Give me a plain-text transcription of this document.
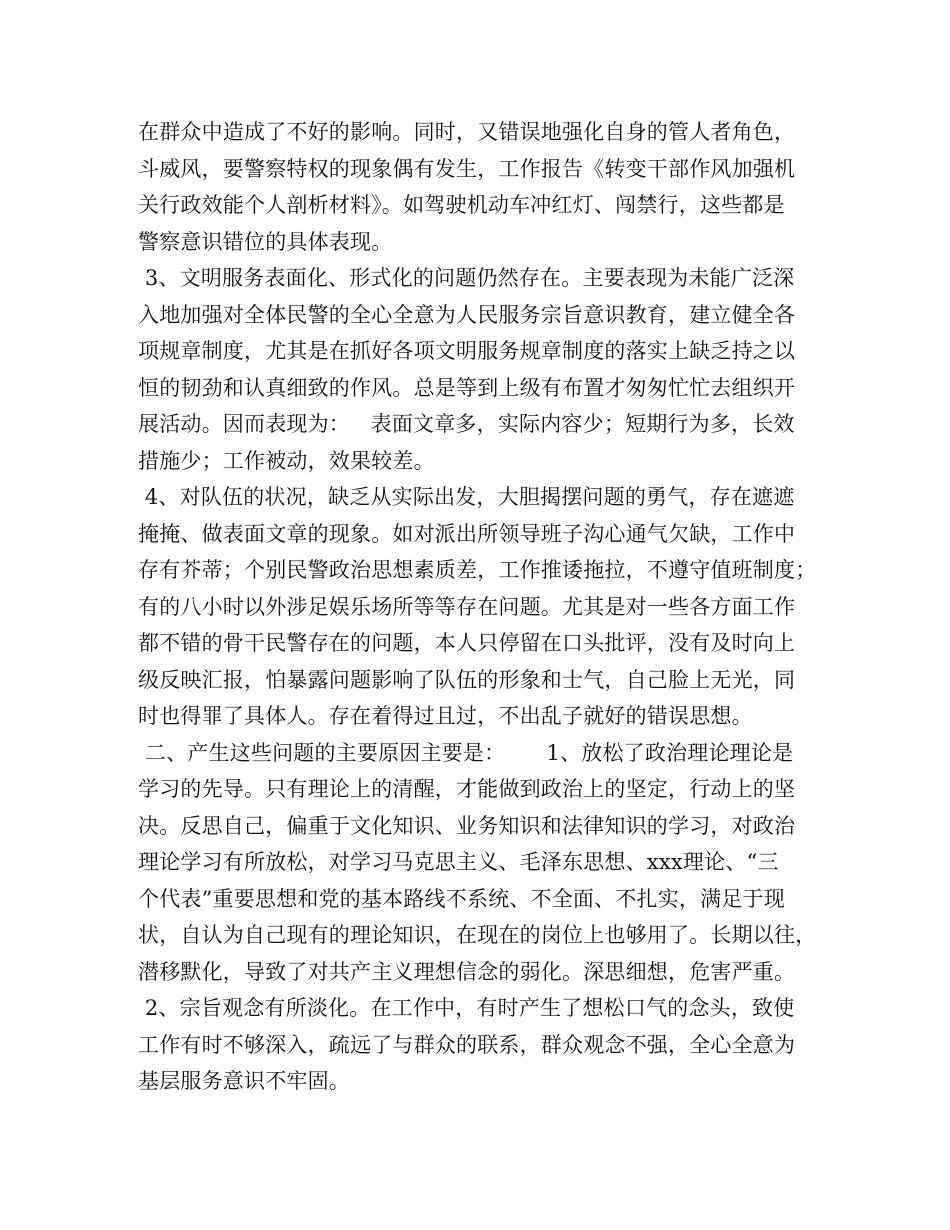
在群众中造成了不好的影响。同时，又错误地强化自身的管人者角色，
斗威风，要警察特权的现象偶有发生，工作报告《转变干部作风加强机
关行政效能个人剖析材料》。如驾驶机动车冲红灯、闯禁行，这些都是
警察意识错位的具体表现。
3、文明服务表面化、形式化的问题仍然存在。主要表现为未能广泛深
入地加强对全体民警的全心全意为人民服务宗旨意识教育，建立健全各
项规章制度，尤其是在抓好各项文明服务规章制度的落实上缺乏持之以
恒的韧劲和认真细致的作风。总是等到上级有布置才匆匆忙忙去组织开
展活动。因而表现为：   表面文章多，实际内容少；短期行为多，长效
措施少；工作被动，效果较差。
4、对队伍的状况，缺乏从实际出发，大胆揭摆问题的勇气，存在遮遮
掩掩、做表面文章的现象。如对派出所领导班子沟心通气欠缺，工作中
存有芥蒂；个别民警政治思想素质差，工作推诿拖拉，不遵守值班制度；
有的八小时以外涉足娱乐场所等等存在问题。尤其是对一些各方面工作
都不错的骨干民警存在的问题，本人只停留在口头批评，没有及时向上
级反映汇报，怕暴露问题影响了队伍的形象和士气，自己脸上无光，同
时也得罪了具体人。存在着得过且过，不出乱子就好的错误思想。
二、产生这些问题的主要原因主要是：      1、放松了政治理论理论是
学习的先导。只有理论上的清醒，才能做到政治上的坚定，行动上的坚
决。反思自己，偏重于文化知识、业务知识和法律知识的学习，对政治
理论学习有所放松，对学习马克思主义、毛泽东思想、xxx理论、“三
个代表”重要思想和党的基本路线不系统、不全面、不扎实，满足于现
状，自认为自己现有的理论知识，在现在的岗位上也够用了。长期以往，
潜移默化，导致了对共产主义理想信念的弱化。深思细想，危害严重。
2、宗旨观念有所淡化。在工作中，有时产生了想松口气的念头，致使
工作有时不够深入，疏远了与群众的联系，群众观念不强，全心全意为
基层服务意识不牢固。
